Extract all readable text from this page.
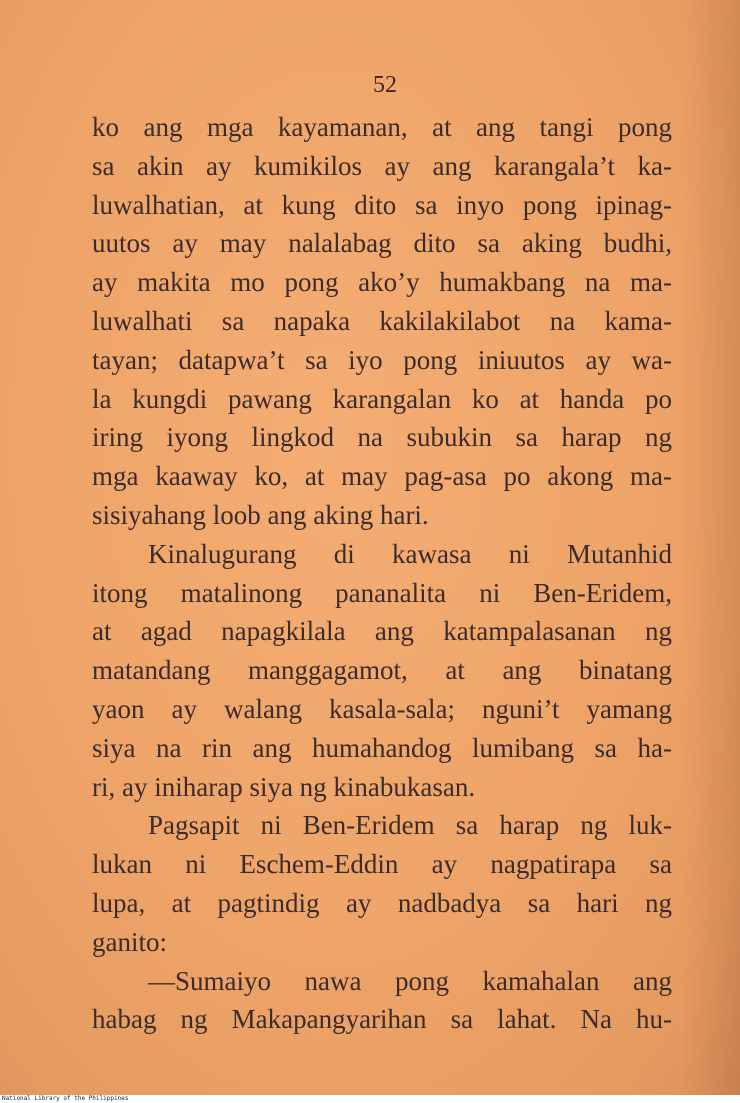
52
ko ang mga kayamanan, at ang tangi pong
sa akin ay kumikilos ay ang karangala’t ka-
luwalhatian, at kung dito sa inyo pong ipinag-
uutos ay may nalalabag dito sa aking budhi,
ay makita mo pong ako’y humakbang na ma-
luwalhati sa napaka kakilakilabot na kama-
tayan; datapwa’t sa iyo pong iniuutos ay wa-
la kungdi pawang karangalan ko at handa po
iring iyong lingkod na subukin sa harap ng
mga kaaway ko, at may pag-asa po akong ma-
sisiyahang loob ang aking hari.
Kinalugurang di kawasa ni Mutanhid
itong matalinong pananalita ni Ben-Eridem,
at agad napagkilala ang katampalasanan ng
matandang manggagamot, at ang binatang
yaon ay walang kasala-sala; nguni’t yamang
siya na rin ang humahandog lumibang sa ha-
ri, ay iniharap siya ng kinabukasan.
Pagsapit ni Ben-Eridem sa harap ng luk-
lukan ni Eschem-Eddin ay nagpatirapa sa
lupa, at pagtindig ay nadbadya sa hari ng
ganito:
—Sumaiyo nawa pong kamahalan ang
habag ng Makapangyarihan sa lahat. Na hu-
National Library of the Philippines
